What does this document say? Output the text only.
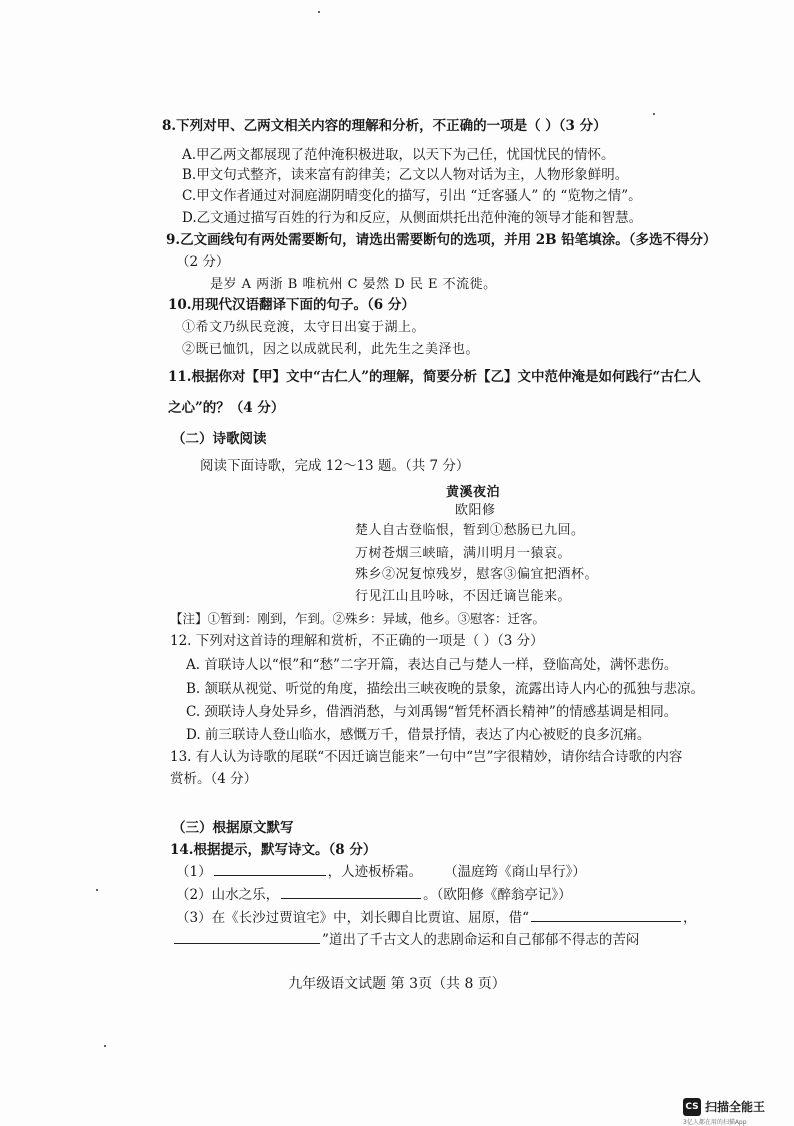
8.下列对甲、乙两文相关内容的理解和分析，不正确的一项是（ ）（3 分）
A.甲乙两文都展现了范仲淹积极进取，以天下为己任，忧国忧民的情怀。
B.甲文句式整齐，读来富有韵律美；乙文以人物对话为主，人物形象鲜明。
C.甲文作者通过对洞庭湖阴晴变化的描写，引出 “迁客骚人” 的 “览物之情”。
D.乙文通过描写百姓的行为和反应，从侧面烘托出范仲淹的领导才能和智慧。
9.乙文画线句有两处需要断句，请选出需要断句的选项，并用 2B 铅笔填涂。（多选不得分）
（2 分）
是岁 A 两浙 B 唯杭州 C 晏然 D 民 E 不流徙。
10.用现代汉语翻译下面的句子。（6 分）
①希文乃纵民竞渡，太守日出宴于湖上。
②既已恤饥，因之以成就民利，此先生之美泽也。
11.根据你对【甲】文中“古仁人”的理解，简要分析【乙】文中范仲淹是如何践行“古仁人
之心”的？（4 分）
（二）诗歌阅读
阅读下面诗歌，完成 12～13 题。（共 7 分）
黄溪夜泊
欧阳修
楚人自古登临恨，暂到①愁肠已九回。
万树苍烟三峡暗，满川明月一猿哀。
殊乡②况复惊残岁，慰客③偏宜把酒杯。
行见江山且吟咏，不因迁谪岂能来。
【注】①暂到：刚到，乍到。②殊乡：异域，他乡。③慰客：迁客。
12. 下列对这首诗的理解和赏析，不正确的一项是（ ）（3 分）
A. 首联诗人以“恨”和“愁”二字开篇，表达自己与楚人一样，登临高处，满怀悲伤。
B. 颔联从视觉、听觉的角度，描绘出三峡夜晚的景象，流露出诗人内心的孤独与悲凉。
C. 颈联诗人身处异乡，借酒消愁，与刘禹锡“暂凭杯酒长精神”的情感基调是相同。
D. 前三联诗人登山临水，感慨万千，借景抒情，表达了内心被贬的良多沉痛。
13. 有人认为诗歌的尾联“不因迁谪岂能来”一句中“岂”字很精妙，请你结合诗歌的内容
赏析。（4 分）
（三）根据原文默写
14.根据提示，默写诗文。（8 分）
（1）	，人迹板桥霜。 （温庭筠《商山早行》）
（2）山水之乐，	。（欧阳修《醉翁亭记》）
（3）在《长沙过贾谊宅》中，刘长卿自比贾谊、屈原，借“	，
”道出了千古文人的悲剧命运和自己郁郁不得志的苦闷
九年级语文试题 第 3页（共 8 页）
CS 扫描全能王
3亿人都在用的扫描App
